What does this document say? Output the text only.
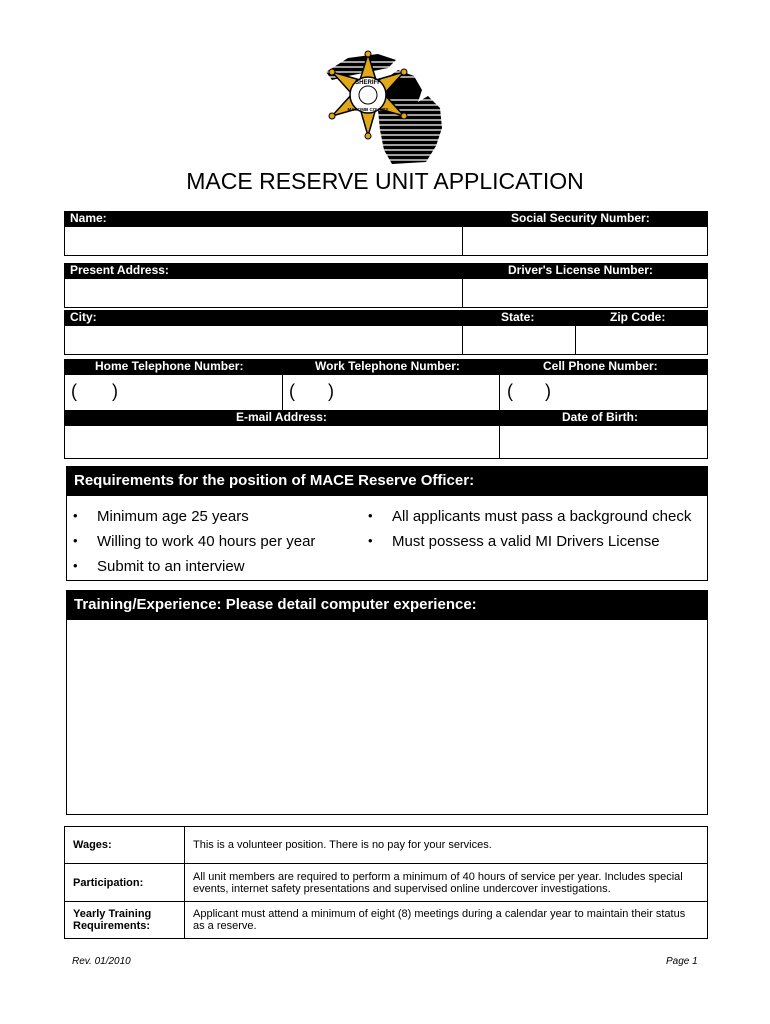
SHERIFF
MACOMB COUNTY
MACE RESERVE UNIT APPLICATION
Name:	Social Security Number:
Present Address:	Driver's License Number:
City:	State:	Zip Code:
Home Telephone Number:	Work Telephone Number:	Cell Phone Number:
( )	( )	( )
E-mail Address:	Date of Birth:
Requirements for the position of MACE Reserve Officer:
• Minimum age 25 years
• Willing to work 40 hours per year
• Submit to an interview
• All applicants must pass a background check
• Must possess a valid MI Drivers License
Training/Experience: Please detail computer experience:
Wages:	This is a volunteer position. There is no pay for your services.
Participation:	All unit members are required to perform a minimum of 40 hours of service per year. Includes special events, internet safety presentations and supervised online undercover investigations.
Yearly Training Requirements:	Applicant must attend a minimum of eight (8) meetings during a calendar year to maintain their status as a reserve.
Rev. 01/2010	Page 1
